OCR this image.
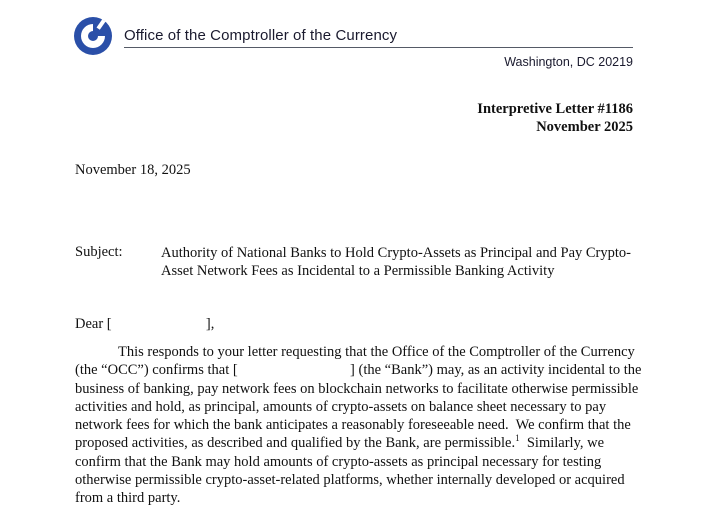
Office of the Comptroller of the Currency
Washington, DC 20219
Interpretive Letter #1186
November 2025
November 18, 2025
Subject:	Authority of National Banks to Hold Crypto-Assets as Principal and Pay Crypto-
Asset Network Fees as Incidental to a Permissible Banking Activity
Dear [                          ],
This responds to your letter requesting that the Office of the Comptroller of the Currency
(the “OCC”) confirms that [                               ] (the “Bank”) may, as an activity incidental to the
business of banking, pay network fees on blockchain networks to facilitate otherwise permissible
activities and hold, as principal, amounts of crypto-assets on balance sheet necessary to pay
network fees for which the bank anticipates a reasonably foreseeable need.  We confirm that the
proposed activities, as described and qualified by the Bank, are permissible.$^1$  Similarly, we
confirm that the Bank may hold amounts of crypto-assets as principal necessary for testing
otherwise permissible crypto-asset-related platforms, whether internally developed or acquired
from a third party.
